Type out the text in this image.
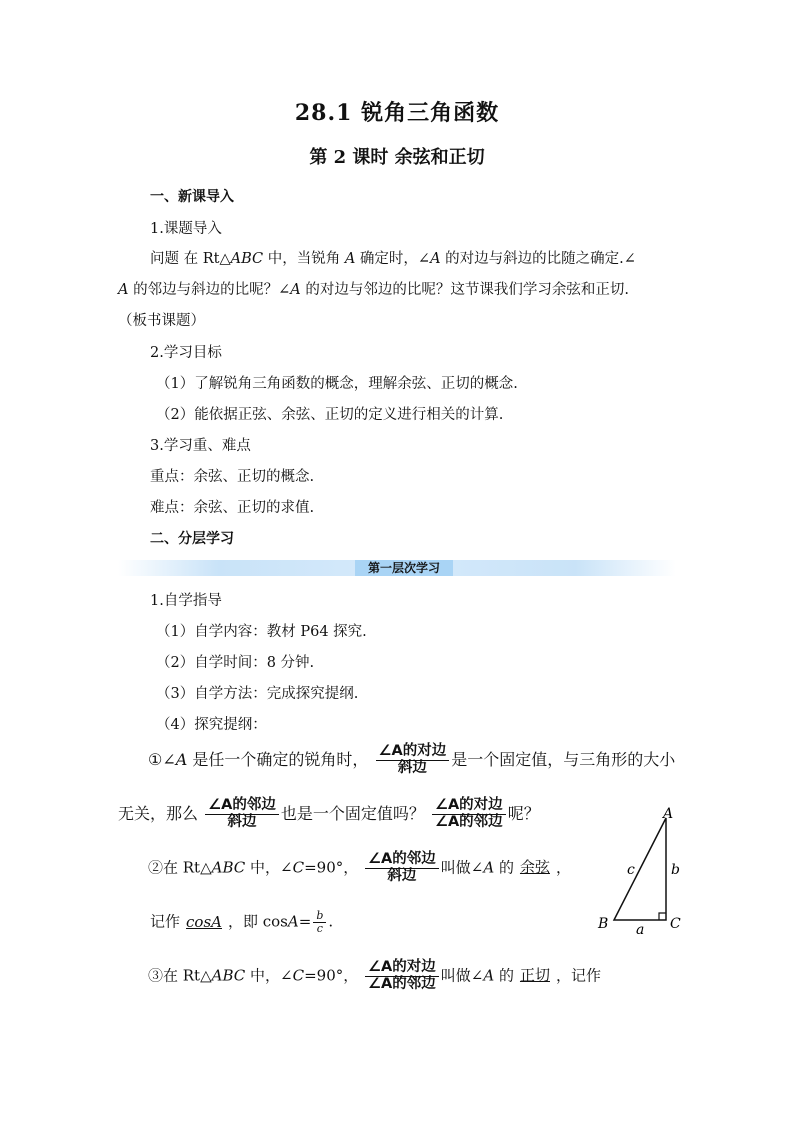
28.1 锐角三角函数
第 2 课时 余弦和正切
一、新课导入
1.课题导入
问题 在 Rt△ABC 中，当锐角 A 确定时，∠A 的对边与斜边的比随之确定.∠
A 的邻边与斜边的比呢？∠A 的对边与邻边的比呢？这节课我们学习余弦和正切.
（板书课题）
2.学习目标
（1）了解锐角三角函数的概念，理解余弦、正切的概念.
（2）能依据正弦、余弦、正切的定义进行相关的计算.
3.学习重、难点
重点：余弦、正切的概念.
难点：余弦、正切的求值.
二、分层学习
第一层次学习
1.自学指导
（1）自学内容：教材 P64 探究.
（2）自学时间：8 分钟.
（3）自学方法：完成探究提纲.
（4）探究提纲：
①∠A 是任一个确定的锐角时， $\frac{\text{∠A的对边}}{\text{斜边}}$ 是一个固定值，与三角形的大小
无关，那么 $\frac{\text{∠A的邻边}}{\text{斜边}}$ 也是一个固定值吗？ $\frac{\text{∠A的对边}}{\text{∠A的邻边}}$ 呢？
②在 Rt△ABC 中，∠C=90°， $\frac{\text{∠A的邻边}}{\text{斜边}}$ 叫做∠A 的 余弦 ，
记作 cosA ，即 $\cos A= \frac{b}{c}$ .
③在 Rt△ABC 中，∠C=90°， $\frac{\text{∠A的对边}}{\text{∠A的邻边}}$ 叫做∠A 的 正切 ，记作
A
B	C
a
b
c
